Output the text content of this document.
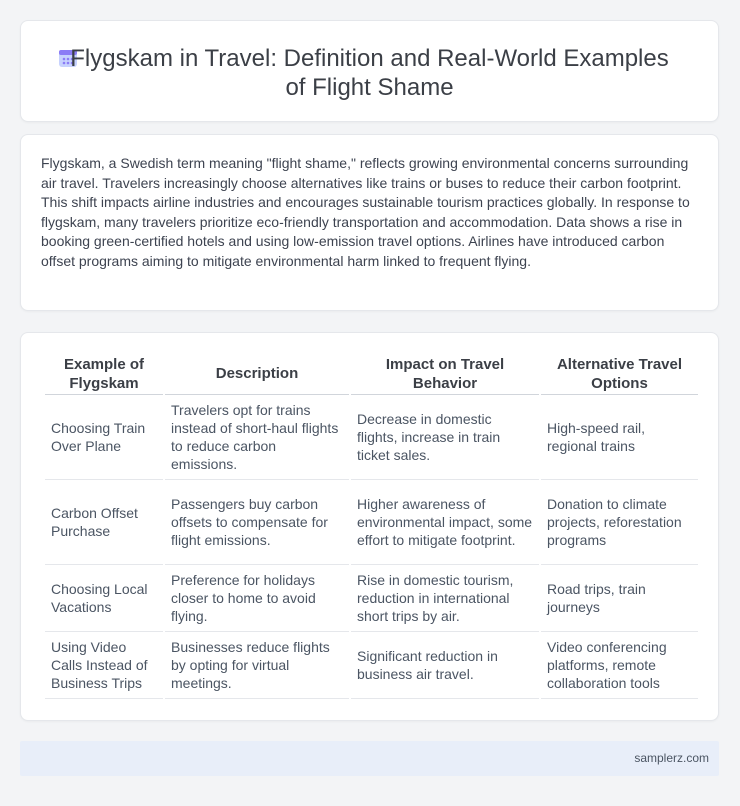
Flygskam in Travel: Definition and Real-World Examples
of Flight Shame

Flygskam, a Swedish term meaning "flight shame," reflects growing environmental concerns surrounding air travel. Travelers increasingly choose alternatives like trains or buses to reduce their carbon footprint. This shift impacts airline industries and encourages sustainable tourism practices globally. In response to flygskam, many travelers prioritize eco-friendly transportation and accommodation. Data shows a rise in booking green-certified hotels and using low-emission travel options. Airlines have introduced carbon offset programs aiming to mitigate environmental harm linked to frequent flying.

Example of Flygskam	Description	Impact on Travel Behavior	Alternative Travel Options
Choosing Train Over Plane	Travelers opt for trains instead of short-haul flights to reduce carbon emissions.	Decrease in domestic flights, increase in train ticket sales.	High-speed rail, regional trains
Carbon Offset Purchase	Passengers buy carbon offsets to compensate for flight emissions.	Higher awareness of environmental impact, some effort to mitigate footprint.	Donation to climate projects, reforestation programs
Choosing Local Vacations	Preference for holidays closer to home to avoid flying.	Rise in domestic tourism, reduction in international short trips by air.	Road trips, train journeys
Using Video Calls Instead of Business Trips	Businesses reduce flights by opting for virtual meetings.	Significant reduction in business air travel.	Video conferencing platforms, remote collaboration tools
samplerz.com
